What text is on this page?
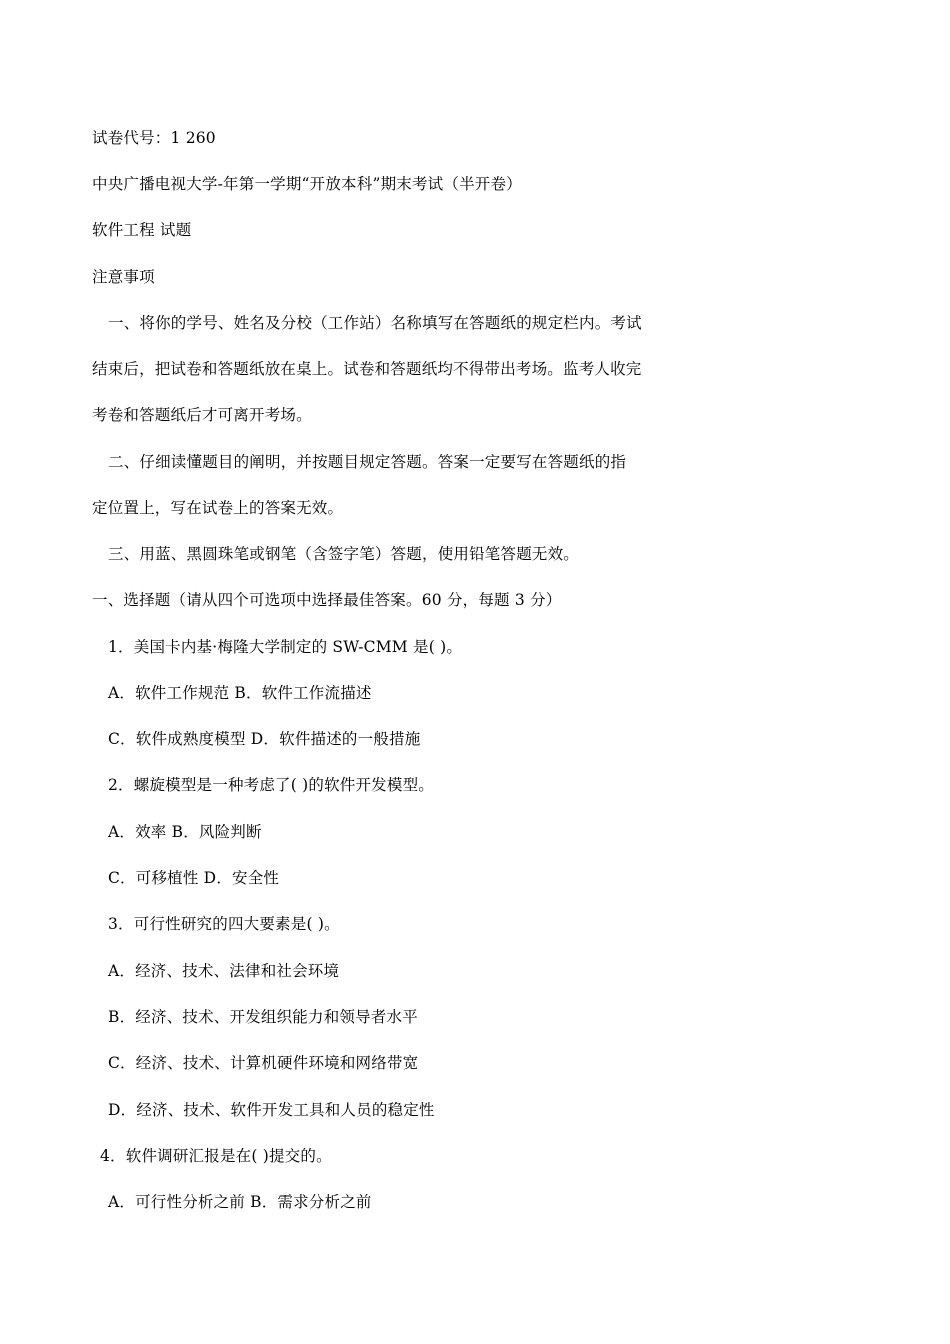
试卷代号：1 260
中央广播电视大学-年第一学期“开放本科”期末考试（半开卷）
软件工程 试题
注意事项
一、将你的学号、姓名及分校（工作站）名称填写在答题纸的规定栏内。考试
结束后，把试卷和答题纸放在桌上。试卷和答题纸均不得带出考场。监考人收完
考卷和答题纸后才可离开考场。
二、仔细读懂题目的阐明，并按题目规定答题。答案一定要写在答题纸的指
定位置上，写在试卷上的答案无效。
三、用蓝、黑圆珠笔或钢笔（含签字笔）答题，使用铅笔答题无效。
一、选择题（请从四个可选项中选择最佳答案。60 分，每题 3 分）
1．美国卡内基·梅隆大学制定的 SW-CMM 是( )。
A．软件工作规范 B．软件工作流描述
C．软件成熟度模型 D．软件描述的一般措施
2．螺旋模型是一种考虑了( )的软件开发模型。
A．效率 B．风险判断
C．可移植性 D．安全性
3．可行性研究的四大要素是( )。
A．经济、技术、法律和社会环境
B．经济、技术、开发组织能力和领导者水平
C．经济、技术、计算机硬件环境和网络带宽
D．经济、技术、软件开发工具和人员的稳定性
4．软件调研汇报是在( )提交的。
A．可行性分析之前 B．需求分析之前
